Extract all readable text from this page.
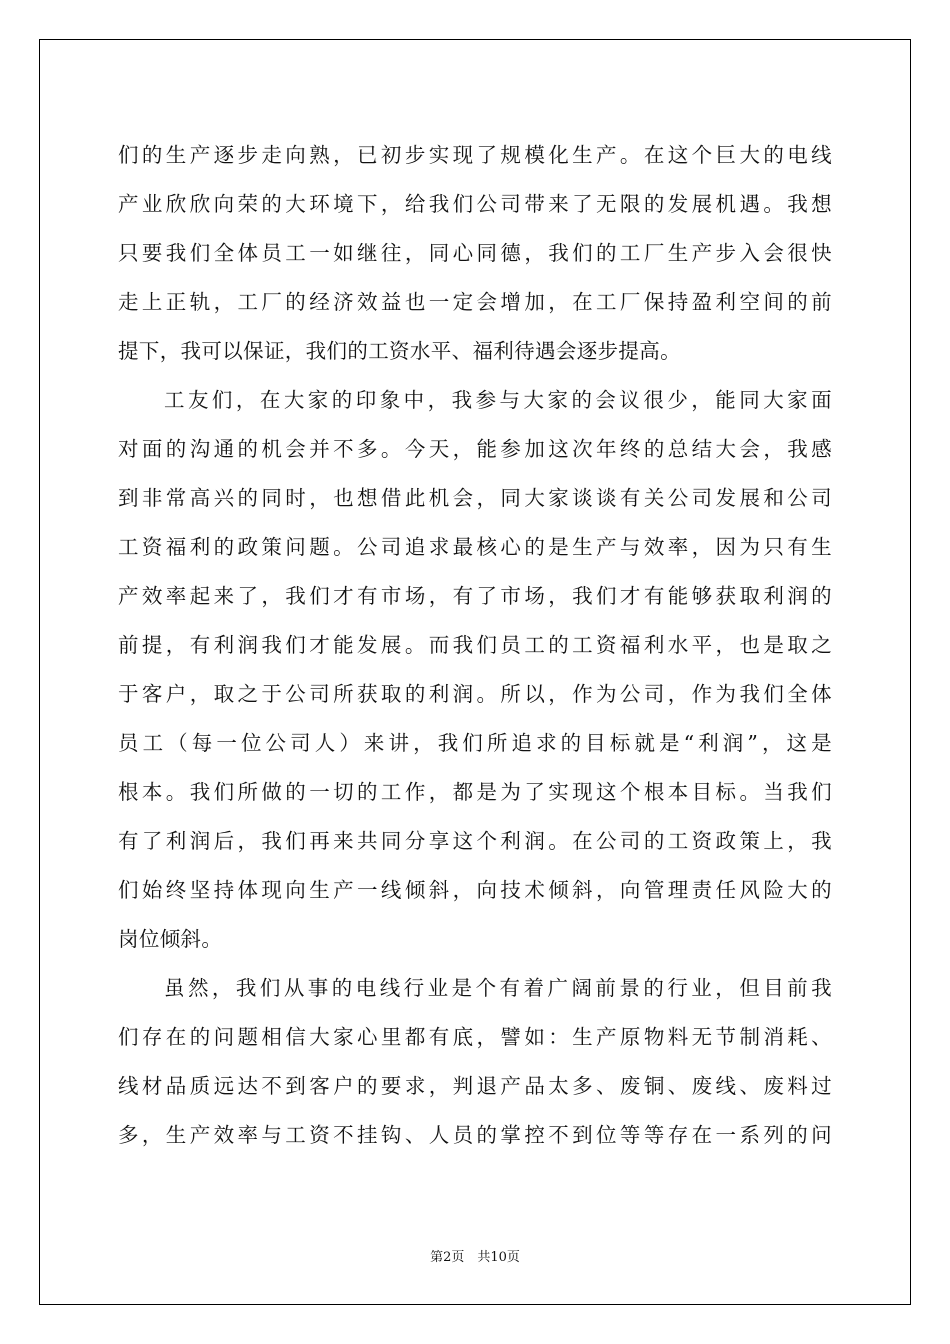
们的生产逐步走向熟，已初步实现了规模化生产。在这个巨大的电线
产业欣欣向荣的大环境下，给我们公司带来了无限的发展机遇。我想
只要我们全体员工一如继往，同心同德，我们的工厂生产步入会很快
走上正轨，工厂的经济效益也一定会增加，在工厂保持盈利空间的前
提下，我可以保证，我们的工资水平、福利待遇会逐步提高。
工友们，在大家的印象中，我参与大家的会议很少，能同大家面
对面的沟通的机会并不多。今天，能参加这次年终的总结大会，我感
到非常高兴的同时，也想借此机会，同大家谈谈有关公司发展和公司
工资福利的政策问题。公司追求最核心的是生产与效率，因为只有生
产效率起来了，我们才有市场，有了市场，我们才有能够获取利润的
前提，有利润我们才能发展。而我们员工的工资福利水平，也是取之
于客户，取之于公司所获取的利润。所以，作为公司，作为我们全体
员工（每一位公司人）来讲，我们所追求的目标就是“利润”，这是
根本。我们所做的一切的工作，都是为了实现这个根本目标。当我们
有了利润后，我们再来共同分享这个利润。在公司的工资政策上，我
们始终坚持体现向生产一线倾斜，向技术倾斜，向管理责任风险大的
岗位倾斜。
虽然，我们从事的电线行业是个有着广阔前景的行业，但目前我
们存在的问题相信大家心里都有底，譬如：生产原物料无节制消耗、
线材品质远达不到客户的要求，判退产品太多、废铜、废线、废料过
多，生产效率与工资不挂钩、人员的掌控不到位等等存在一系列的问
第2页　共10页
